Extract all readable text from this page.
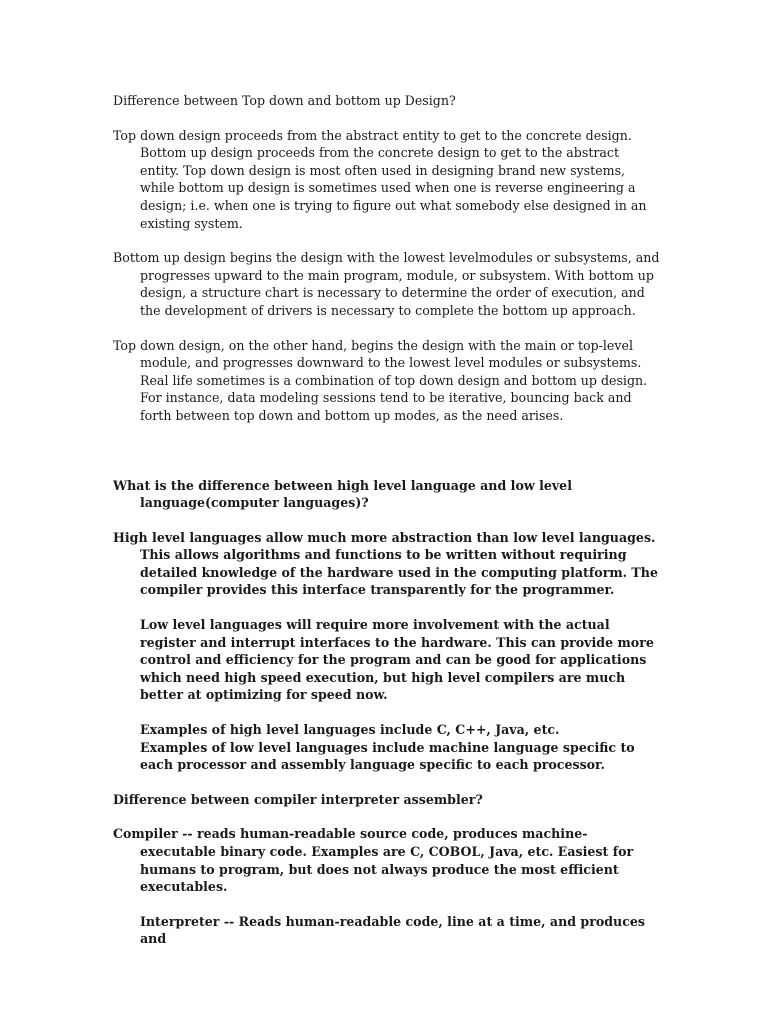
Difference between Top down and bottom up Design?

Top down design proceeds from the abstract entity to get to the concrete design. Bottom up design proceeds from the concrete design to get to the abstract entity. Top down design is most often used in designing brand new systems, while bottom up design is sometimes used when one is reverse engineering a design; i.e. when one is trying to figure out what somebody else designed in an existing system.

Bottom up design begins the design with the lowest levelmodules or subsystems, and progresses upward to the main program, module, or subsystem. With bottom up design, a structure chart is necessary to determine the order of execution, and the development of drivers is necessary to complete the bottom up approach.

Top down design, on the other hand, begins the design with the main or top-level module, and progresses downward to the lowest level modules or subsystems. Real life sometimes is a combination of top down design and bottom up design. For instance, data modeling sessions tend to be iterative, bouncing back and forth between top down and bottom up modes, as the need arises.

What is the difference between high level language and low level language(computer languages)?

High level languages allow much more abstraction than low level languages. This allows algorithms and functions to be written without requiring detailed knowledge of the hardware used in the computing platform. The compiler provides this interface transparently for the programmer.

Low level languages will require more involvement with the actual register and interrupt interfaces to the hardware. This can provide more control and efficiency for the program and can be good for applications which need high speed execution, but high level compilers are much better at optimizing for speed now.

Examples of high level languages include C, C++, Java, etc.

Examples of low level languages include machine language specific to each processor and assembly language specific to each processor.

Difference between compiler interpreter assembler?

Compiler -- reads human-readable source code, produces machine-executable binary code. Examples are C, COBOL, Java, etc. Easiest for humans to program, but does not always produce the most efficient executables.

Interpreter -- Reads human-readable code, line at a time, and produces and
